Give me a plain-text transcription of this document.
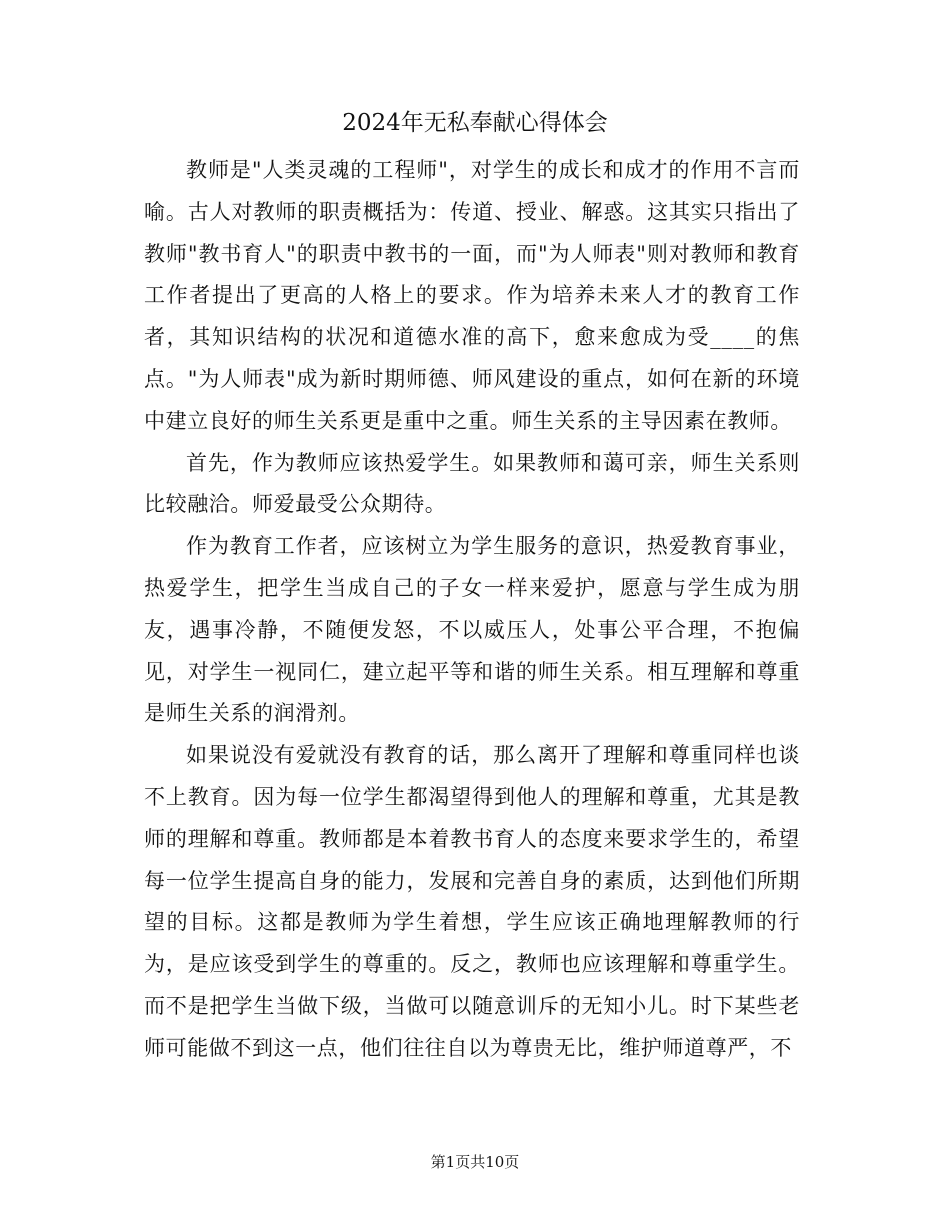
2024年无私奉献心得体会

教师是"人类灵魂的工程师"，对学生的成长和成才的作用不言而喻。古人对教师的职责概括为：传道、授业、解惑。这其实只指出了教师"教书育人"的职责中教书的一面，而"为人师表"则对教师和教育工作者提出了更高的人格上的要求。作为培养未来人才的教育工作者，其知识结构的状况和道德水准的高下，愈来愈成为受____的焦点。"为人师表"成为新时期师德、师风建设的重点，如何在新的环境中建立良好的师生关系更是重中之重。师生关系的主导因素在教师。

首先，作为教师应该热爱学生。如果教师和蔼可亲，师生关系则比较融洽。师爱最受公众期待。

作为教育工作者，应该树立为学生服务的意识，热爱教育事业，热爱学生，把学生当成自己的子女一样来爱护，愿意与学生成为朋友，遇事冷静，不随便发怒，不以威压人，处事公平合理，不抱偏见，对学生一视同仁，建立起平等和谐的师生关系。相互理解和尊重是师生关系的润滑剂。

如果说没有爱就没有教育的话，那么离开了理解和尊重同样也谈不上教育。因为每一位学生都渴望得到他人的理解和尊重，尤其是教师的理解和尊重。教师都是本着教书育人的态度来要求学生的，希望每一位学生提高自身的能力，发展和完善自身的素质，达到他们所期望的目标。这都是教师为学生着想，学生应该正确地理解教师的行为，是应该受到学生的尊重的。反之，教师也应该理解和尊重学生。而不是把学生当做下级，当做可以随意训斥的无知小儿。时下某些老师可能做不到这一点，他们往往自以为尊贵无比，维护师道尊严，不

第1页共10页
